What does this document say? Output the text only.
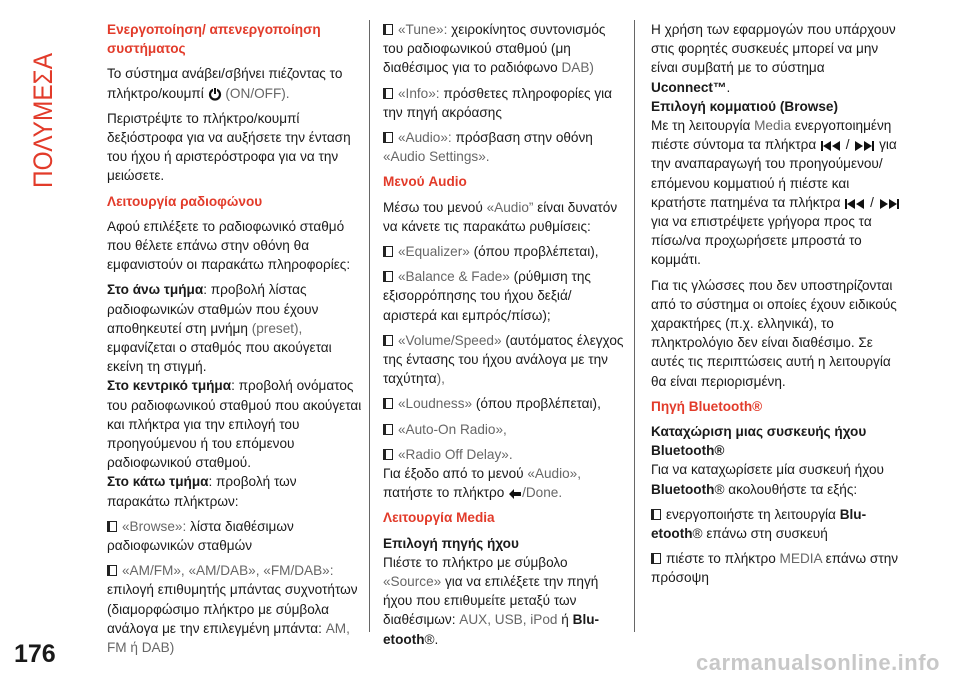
ΠΟΛΥΜΕΣΑ
Ενεργοποίηση/ απενεργοποίηση συστήματος
Το σύστημα ανάβει/σβήνει πιέζοντας το πλήκτρο/κουμπί (ON/OFF).
Περιστρέψτε το πλήκτρο/κουμπί δεξιόστροφα για να αυξήσετε την ένταση του ήχου ή αριστερόστροφα για να την μειώσετε.
Λειτουργία ραδιοφώνου
Αφού επιλέξετε το ραδιοφωνικό σταθμό που θέλετε επάνω στην οθόνη θα εμφανιστούν οι παρακάτω πληροφορίες:
Στο άνω τμήμα: προβολή λίστας ραδιοφωνικών σταθμών που έχουν αποθηκευτεί στη μνήμη (preset), εμφανίζεται ο σταθμός που ακούγεται εκείνη τη στιγμή.
Στο κεντρικό τμήμα: προβολή ονόματος του ραδιοφωνικού σταθμού που ακούγεται και πλήκτρα για την επιλογή του προηγούμενου ή του επόμενου ραδιοφωνικού σταθμού.
Στο κάτω τμήμα: προβολή των παρακάτω πλήκτρων:
«Browse»: λίστα διαθέσιμων ραδιοφωνικών σταθμών
«AM/FM», «AM/DAB», «FM/DAB»: επιλογή επιθυμητής μπάντας συχνοτήτων (διαμορφώσιμο πλήκτρο με σύμβολα ανάλογα με την επιλεγμένη μπάντα: AM, FM ή DAB)
«Tune»: χειροκίνητος συντονισμός του ραδιοφωνικού σταθμού (μη διαθέσιμος για το ραδιόφωνο DAB)
«Info»: πρόσθετες πληροφορίες για την πηγή ακρόασης
«Audio»: πρόσβαση στην οθόνη «Audio Settings».
Μενού Audio
Μέσω του μενού «Audio” είναι δυνατόν να κάνετε τις παρακάτω ρυθμίσεις:
«Equalizer» (όπου προβλέπεται),
«Balance & Fade» (ρύθμιση της εξισορρόπησης του ήχου δεξιά/ αριστερά και εμπρός/πίσω);
«Volume/Speed» (αυτόματος έλεγχος της έντασης του ήχου ανάλογα με την ταχύτητα),
«Loudness» (όπου προβλέπεται),
«Auto-On Radio»,
«Radio Off Delay».
Για έξοδο από το μενού «Audio», πατήστε το πλήκτρο /Done.
Λειτουργία Media
Επιλογή πηγής ήχου
Πιέστε το πλήκτρο με σύμβολο «Source» για να επιλέξετε την πηγή ήχου που επιθυμείτε μεταξύ των διαθέσιμων: AUX, USB, iPod ή Blu-etooth®.
Η χρήση των εφαρμογών που υπάρχουν στις φορητές συσκευές μπορεί να μην είναι συμβατή με το σύστημα Uconnect™.
Επιλογή κομματιού (Browse)
Με τη λειτουργία Media ενεργοποιημένη πιέστε σύντομα τα πλήκτρα  /  για την αναπαραγωγή του προηγούμενου/ επόμενου κομματιού ή πιέστε και κρατήστε πατημένα τα πλήκτρα  /  για να επιστρέψετε γρήγορα προς τα πίσω/να προχωρήσετε μπροστά το κομμάτι.
Για τις γλώσσες που δεν υποστηρίζονται από το σύστημα οι οποίες έχουν ειδικούς χαρακτήρες (π.χ. ελληνικά), το πληκτρολόγιο δεν είναι διαθέσιμο. Σε αυτές τις περιπτώσεις αυτή η λειτουργία θα είναι περιορισμένη.
Πηγή Bluetooth®
Καταχώριση μιας συσκευής ήχου Bluetooth®
Για να καταχωρίσετε μία συσκευή ήχου Bluetooth® ακολουθήστε τα εξής:
ενεργοποιήστε τη λειτουργία Blu-etooth® επάνω στη συσκευή
πιέστε το πλήκτρο MEDIA επάνω στην πρόσοψη
176	carmanualsonline.info
